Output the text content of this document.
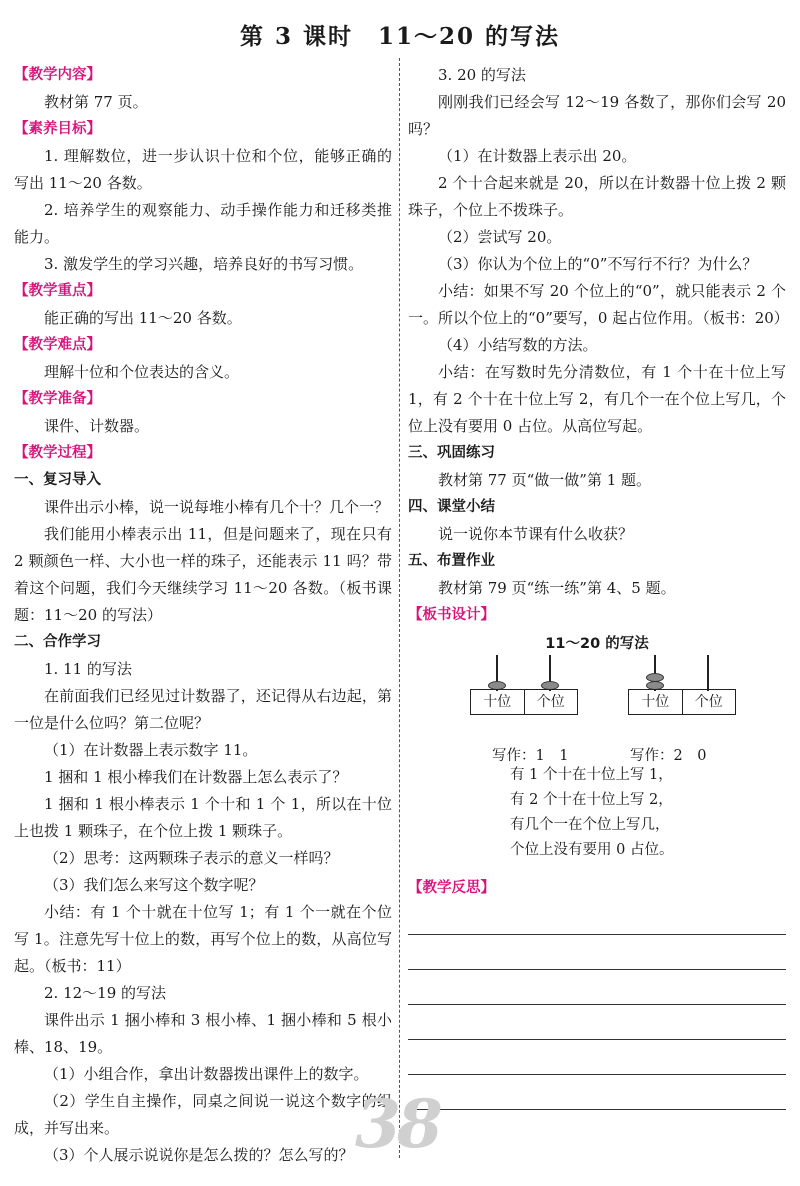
第 3 课时　11～20 的写法
【教学内容】
教材第 77 页。
【素养目标】
1. 理解数位，进一步认识十位和个位，能够正确的写出 11～20 各数。
2. 培养学生的观察能力、动手操作能力和迁移类推能力。
3. 激发学生的学习兴趣，培养良好的书写习惯。
【教学重点】
能正确的写出 11～20 各数。
【教学难点】
理解十位和个位表达的含义。
【教学准备】
课件、计数器。
【教学过程】
一、复习导入
课件出示小棒，说一说每堆小棒有几个十？几个一？
我们能用小棒表示出 11，但是问题来了，现在只有 2 颗颜色一样、大小也一样的珠子，还能表示 11 吗？带着这个问题，我们今天继续学习 11～20 各数。（板书课题：11～20 的写法）
二、合作学习
1. 11 的写法
在前面我们已经见过计数器了，还记得从右边起，第一位是什么位吗？第二位呢？
（1）在计数器上表示数字 11。
1 捆和 1 根小棒我们在计数器上怎么表示了？
1 捆和 1 根小棒表示 1 个十和 1 个 1，所以在十位上也拨 1 颗珠子，在个位上拨 1 颗珠子。
（2）思考：这两颗珠子表示的意义一样吗？
（3）我们怎么来写这个数字呢？
小结：有 1 个十就在十位写 1；有 1 个一就在个位写 1。注意先写十位上的数，再写个位上的数，从高位写起。（板书：11）
2. 12～19 的写法
课件出示 1 捆小棒和 3 根小棒、1 捆小棒和 5 根小棒、18、19。
（1）小组合作，拿出计数器拨出课件上的数字。
（2）学生自主操作，同桌之间说一说这个数字的组成，并写出来。
（3）个人展示说说你是怎么拨的？怎么写的？
3. 20 的写法
刚刚我们已经会写 12～19 各数了，那你们会写 20 吗？
（1）在计数器上表示出 20。
2 个十合起来就是 20，所以在计数器十位上拨 2 颗珠子，个位上不拨珠子。
（2）尝试写 20。
（3）你认为个位上的“0”不写行不行？为什么？
小结：如果不写 20 个位上的“0”，就只能表示 2 个一。所以个位上的“0”要写，0 起占位作用。（板书：20）
（4）小结写数的方法。
小结：在写数时先分清数位，有 1 个十在十位上写 1，有 2 个十在十位上写 2，有几个一在个位上写几，个位上没有要用 0 占位。从高位写起。
三、巩固练习
教材第 77 页“做一做”第 1 题。
四、课堂小结
说一说你本节课有什么收获？
五、布置作业
教材第 79 页“练一练”第 4、5 题。
【板书设计】
11～20 的写法
十位	个位	十位	个位
写作：1　1	写作：2　0
有 1 个十在十位上写 1，
有 2 个十在十位上写 2，
有几个一在个位上写几，
个位上没有要用 0 占位。
【教学反思】
38
